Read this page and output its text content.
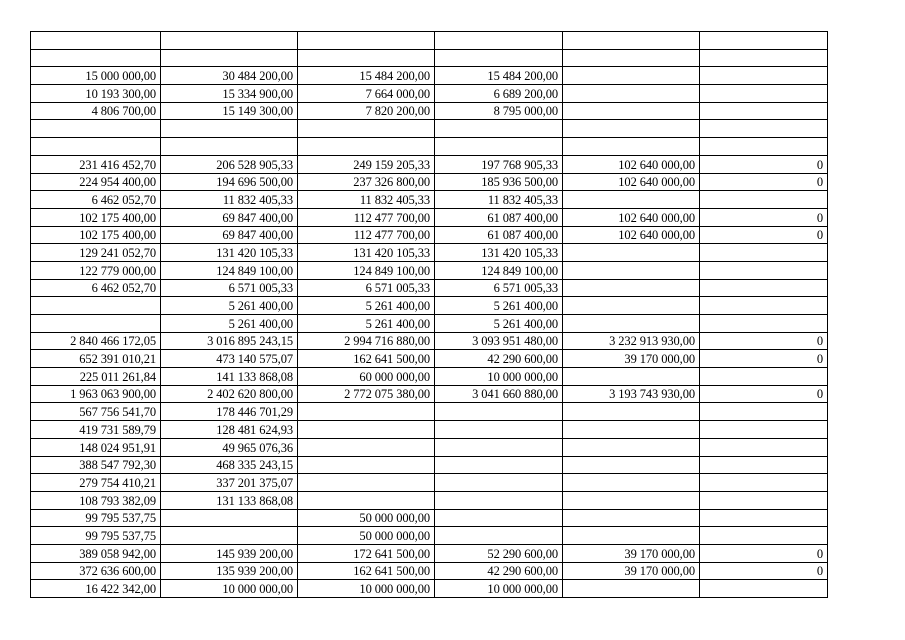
15 000 000,00	30 484 200,00	15 484 200,00	15 484 200,00		
10 193 300,00	15 334 900,00	7 664 000,00	6 689 200,00		
4 806 700,00	15 149 300,00	7 820 200,00	8 795 000,00		

231 416 452,70	206 528 905,33	249 159 205,33	197 768 905,33	102 640 000,00	0
224 954 400,00	194 696 500,00	237 326 800,00	185 936 500,00	102 640 000,00	0
6 462 052,70	11 832 405,33	11 832 405,33	11 832 405,33		
102 175 400,00	69 847 400,00	112 477 700,00	61 087 400,00	102 640 000,00	0
102 175 400,00	69 847 400,00	112 477 700,00	61 087 400,00	102 640 000,00	0
129 241 052,70	131 420 105,33	131 420 105,33	131 420 105,33		
122 779 000,00	124 849 100,00	124 849 100,00	124 849 100,00		
6 462 052,70	6 571 005,33	6 571 005,33	6 571 005,33		
	5 261 400,00	5 261 400,00	5 261 400,00		
	5 261 400,00	5 261 400,00	5 261 400,00		
2 840 466 172,05	3 016 895 243,15	2 994 716 880,00	3 093 951 480,00	3 232 913 930,00	0
652 391 010,21	473 140 575,07	162 641 500,00	42 290 600,00	39 170 000,00	0
225 011 261,84	141 133 868,08	60 000 000,00	10 000 000,00		
1 963 063 900,00	2 402 620 800,00	2 772 075 380,00	3 041 660 880,00	3 193 743 930,00	0
567 756 541,70	178 446 701,29				
419 731 589,79	128 481 624,93				
148 024 951,91	49 965 076,36				
388 547 792,30	468 335 243,15				
279 754 410,21	337 201 375,07				
108 793 382,09	131 133 868,08				
99 795 537,75		50 000 000,00			
99 795 537,75		50 000 000,00			
389 058 942,00	145 939 200,00	172 641 500,00	52 290 600,00	39 170 000,00	0
372 636 600,00	135 939 200,00	162 641 500,00	42 290 600,00	39 170 000,00	0
16 422 342,00	10 000 000,00	10 000 000,00	10 000 000,00		
